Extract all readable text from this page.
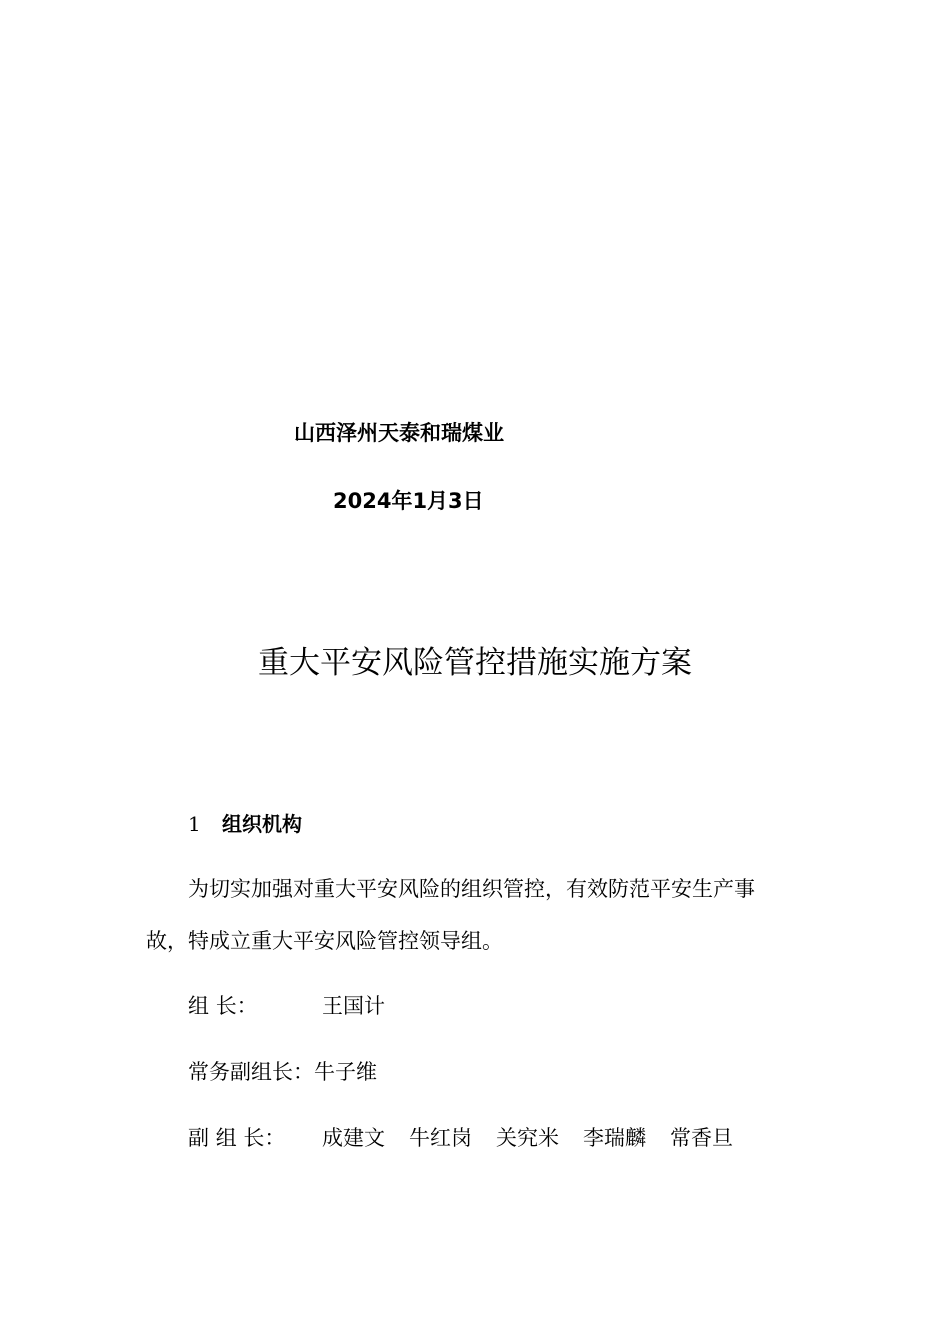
山西泽州天泰和瑞煤业
2024年1月3日
重大平安风险管控措施实施方案
1 组织机构
为切实加强对重大平安风险的组织管控，有效防范平安生产事
故，特成立重大平安风险管控领导组。
组 长：	王国计
常务副组长：牛子维
副 组 长： 成建文 牛红岗 关究米 李瑞麟 常香旦
